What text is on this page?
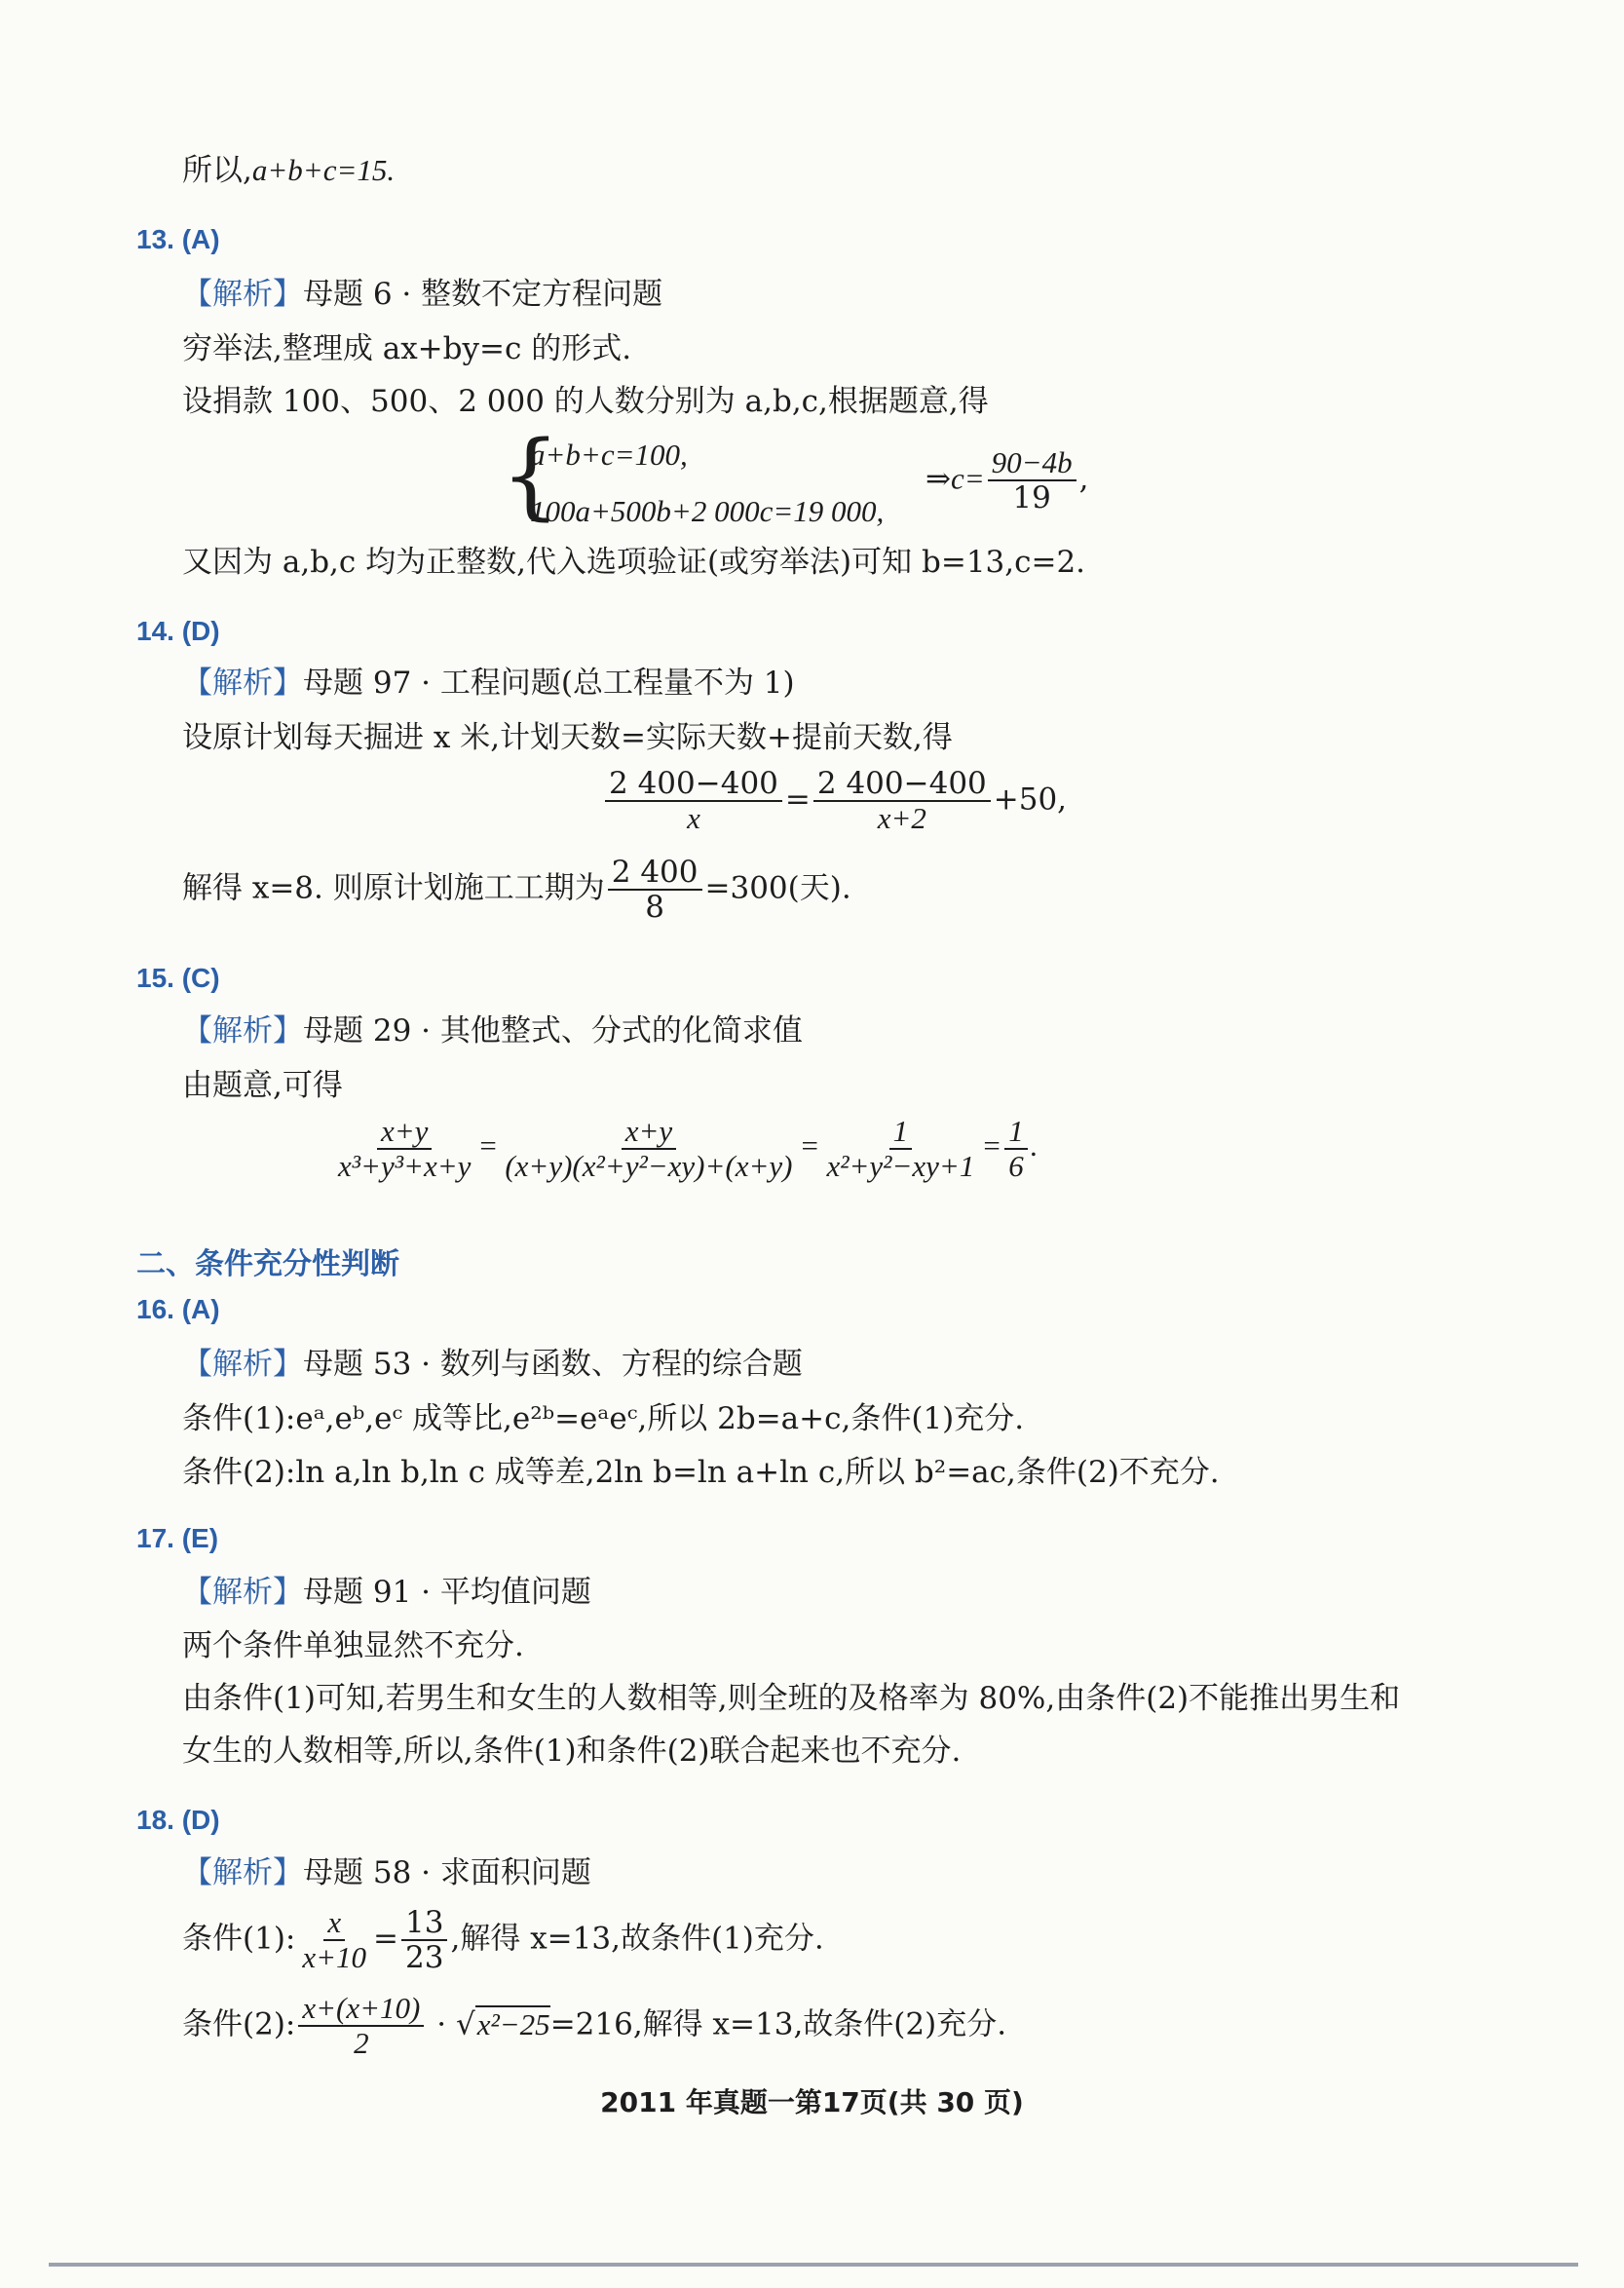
所以,a+b+c=15.
13. (A)
【解析】母题 6 · 整数不定方程问题
穷举法,整理成 ax+by=c 的形式.
设捐款 100、500、2 000 的人数分别为 a,b,c,根据题意,得
{
a+b+c=100,
100a+500b+2 000c=19 000,
⇒c= $\frac{90-4b}{19}$ ,
又因为 a,b,c 均为正整数,代入选项验证(或穷举法)可知 b=13,c=2.
14. (D)
【解析】母题 97 · 工程问题(总工程量不为 1)
设原计划每天掘进 x 米,计划天数=实际天数+提前天数,得
$\frac{2 400-400}{x} = \frac{2 400-400}{x+2} +50$,
解得 x=8. 则原计划施工工期为 $\frac{2 400}{8} =300$(天).
15. (C)
【解析】母题 29 · 其他整式、分式的化简求值
由题意,可得
$\frac{x+y}{\text{x³+y³+x+y}} = \frac{x+y}{\text{(x+y)(x²+y²−xy)+(x+y)}} = \frac{1}{\text{x²+y²−xy+1}} = \frac{1}{6}$ .
二、条件充分性判断
16. (A)
【解析】母题 53 · 数列与函数、方程的综合题
条件(1):eᵃ,eᵇ,eᶜ 成等比,e²ᵇ=eᵃeᶜ,所以 2b=a+c,条件(1)充分.
条件(2):ln a,ln b,ln c 成等差,2ln b=ln a+ln c,所以 b²=ac,条件(2)不充分.
17. (E)
【解析】母题 91 · 平均值问题
两个条件单独显然不充分.
由条件(1)可知,若男生和女生的人数相等,则全班的及格率为 80%,由条件(2)不能推出男生和
女生的人数相等,所以,条件(1)和条件(2)联合起来也不充分.
18. (D)
【解析】母题 58 · 求面积问题
条件(1): $\frac{x}{x+10} = \frac{13}{23}$ ,解得 x=13,故条件(1)充分.
条件(2): $\frac{x+(x+10)}{2} \cdot √x^2-25=216$,解得 x=13,故条件(2)充分.
2011 年真题一第17页(共 30 页)
